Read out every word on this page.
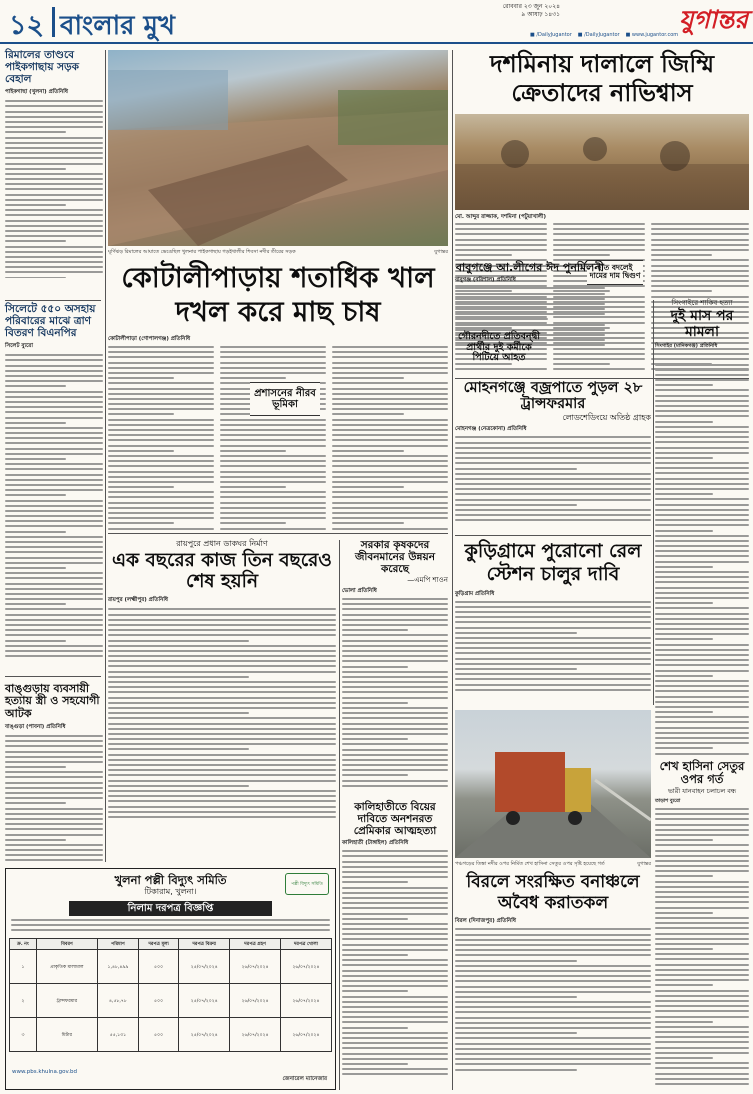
১২ বাংলার মুখ
রোববার ২৩ জুন ২০২৪
৯ আষাঢ় ১৪৩১	যুগান্তর
■ /DailyJugantor ■ /DailyJugantor ■ www.jugantor.com
রিমালের তাণ্ডবে পাইকগাছায় সড়ক বেহাল
পাইকগাছা (খুলনা) প্রতিনিধি
সিলেটে ৫৫০ অসহায় পরিবারের মাঝে ত্রাণ বিতরণ বিএনপির
সিলেট ব্যুরো
বাঙ্গুড়ায় ব্যবসায়ী হত্যায় স্ত্রী ও সহযোগী আটক
বাঙ্গুড়া (পাবনা) প্রতিনিধি
ঘূর্ণিঝড় রিমালের আঘাতে ভেঙেছিল খুলনার পাইকগাছায় গড়ইখালীর শিবসা নদীর তীরের সড়ক	যুগান্তর
দশমিনায় দালালে জিম্মি ক্রেতাদের নাভিশ্বাস
মো. আব্দুর রাজ্জাক, দশমিনা (পটুয়াখালী)
হাত বদলেই দামের দাম দ্বিগুণ
কোটালীপাড়ায় শতাধিক খাল দখল করে মাছ চাষ
কোটালীপাড়া (গোপালগঞ্জ) প্রতিনিধি
প্রশাসনের নীরব ভূমিকা
বাবুগঞ্জে আ.লীগের ঈদ পুনর্মিলনী
বাবুগঞ্জ (বরিশাল) প্রতিনিধি
সিংগাইরে শাকিব হত্যা
দুই মাস পর মামলা
সিংগাইর (মানিকগঞ্জ) প্রতিনিধি
মোহনগঞ্জে বজ্রপাতে পুড়ল ২৮ ট্রান্সফরমার
লোডশেডিংয়ে অতিষ্ঠ গ্রাহক
মোহনগঞ্জ (নেত্রকোনা) প্রতিনিধি
গৌরনদীতে প্রতিবন্দ্বী প্রার্থীর দুই কর্মীকে পিটিয়ে আহত
রায়পুরে প্রধান ডাকঘর নির্মাণ
এক বছরের কাজ তিন বছরেও শেষ হয়নি
রায়পুর (লক্ষ্মীপুর) প্রতিনিধি
সরকার কৃষকদের জীবনমানের উন্নয়ন করেছে
—এমপি শাওন
ভোলা প্রতিনিধি
কুড়িগ্রামে পুরোনো রেল স্টেশন চালুর দাবি
কুড়িগ্রাম প্রতিনিধি
শেখ হাসিনা সেতুর ওপর গর্ত
ভারী যানবাহন চলাচল বন্ধ
তাড়াশ ব্যুরো
পঞ্চগড়ের তিস্তা নদীর ওপর নির্মিত শেখ হাসিনা সেতুর ওপর সৃষ্টি হয়েছে গর্ত	যুগান্তর
কালিহাতীতে বিয়ের দাবিতে অনশনরত প্রেমিকার আত্মহত্যা
কালিহাতী (টাঙ্গাইল) প্রতিনিধি
বিরলে সংরক্ষিত বনাঞ্চলে অবৈধ করাতকল
বিরল (দিনাজপুর) প্রতিনিধি
খুলনা পল্লী বিদ্যুৎ সমিতি
টিকারাম, খুলনা।
পল্লী বিদ্যুৎ সমিতি
নিলাম দরপত্র বিজ্ঞপ্তি
ক্র. নং	বিবরণ	পরিমাণ	দরপত্র মূল্য	দরপত্র বিক্রয়	দরপত্র গ্রহণ	দরপত্র খোলা
১	প্রাকৃতিক মালামাল	১,৪৮,৪৯৯	৫০০	২৫/০৭/২০২৪	২৬/০৭/২০২৪	২৬/০৭/২০২৪
২	ট্রান্সফরমার	৪,৫৮,৭৮	৫০০	২৫/০৭/২০২৪	২৬/০৭/২০২৪	২৬/০৭/২০২৪
৩	মিটার	৫৫,১৩১	৫০০	২৫/০৭/২০২৪	২৬/০৭/২০২৪	২৬/০৭/২০২৪
www.pbs.khulna.gov.bd
জেনারেল ম্যানেজার
